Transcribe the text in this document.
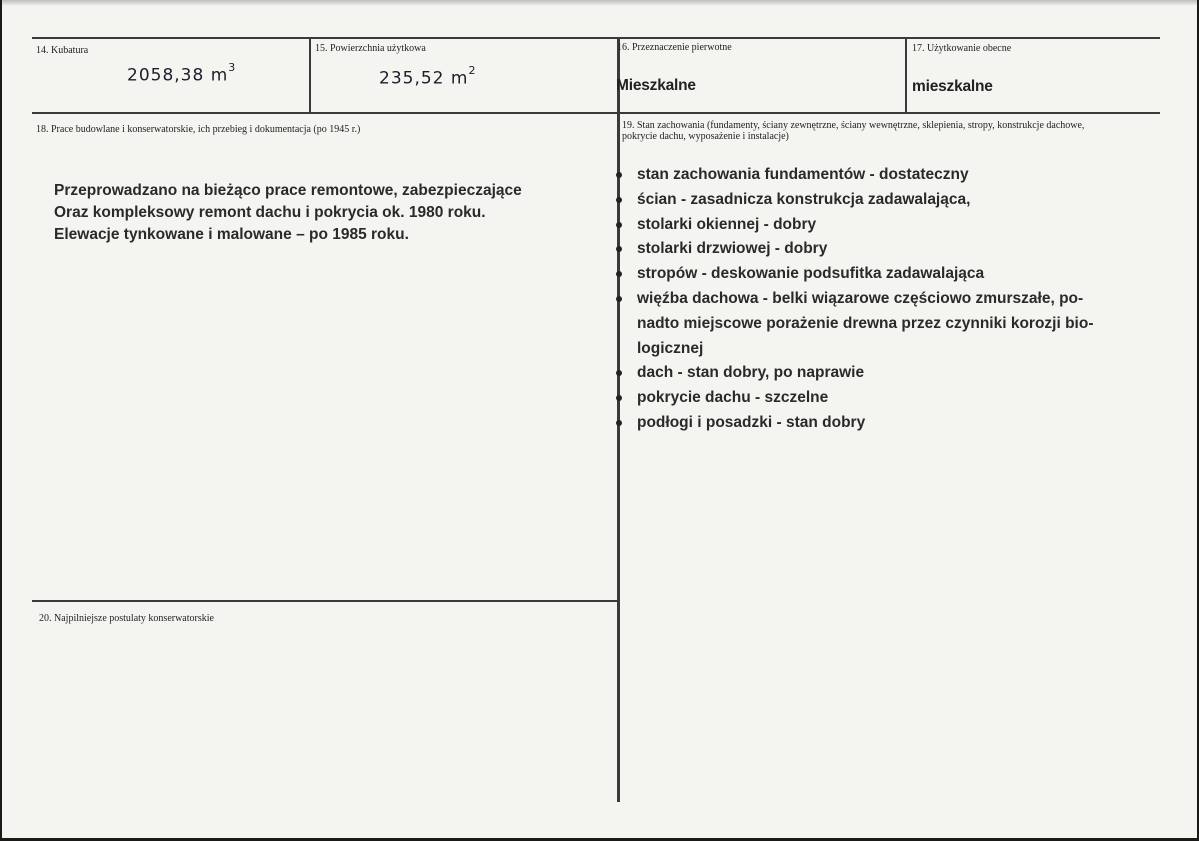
14. Kubatura
2058,38 $m^3$
15. Powierzchnia użytkowa
235,52 $m^2$
16. Przeznaczenie pierwotne
Mieszkalne
17. Użytkowanie obecne
mieszkalne
18. Prace budowlane i konserwatorskie, ich przebieg i dokumentacja (po 1945 r.)
Przeprowadzano na bieżąco prace remontowe, zabezpieczające
Oraz kompleksowy remont dachu i pokrycia ok. 1980 roku.
Elewacje tynkowane i malowane – po 1985 roku.
19. Stan zachowania (fundamenty, ściany zewnętrzne, ściany wewnętrzne, sklepienia, stropy, konstrukcje dachowe,
pokrycie dachu, wyposażenie i instalacje)
stan zachowania fundamentów - dostateczny
ścian - zasadnicza konstrukcja zadawalająca,
stolarki okiennej - dobry
stolarki drzwiowej - dobry
stropów - deskowanie podsufitka zadawalająca
więźba dachowa - belki wiązarowe częściowo zmurszałe, po-
nadto miejscowe porażenie drewna przez czynniki korozji bio-
logicznej
dach - stan dobry, po naprawie
pokrycie dachu - szczelne
podłogi i posadzki - stan dobry
20. Najpilniejsze postulaty konserwatorskie
